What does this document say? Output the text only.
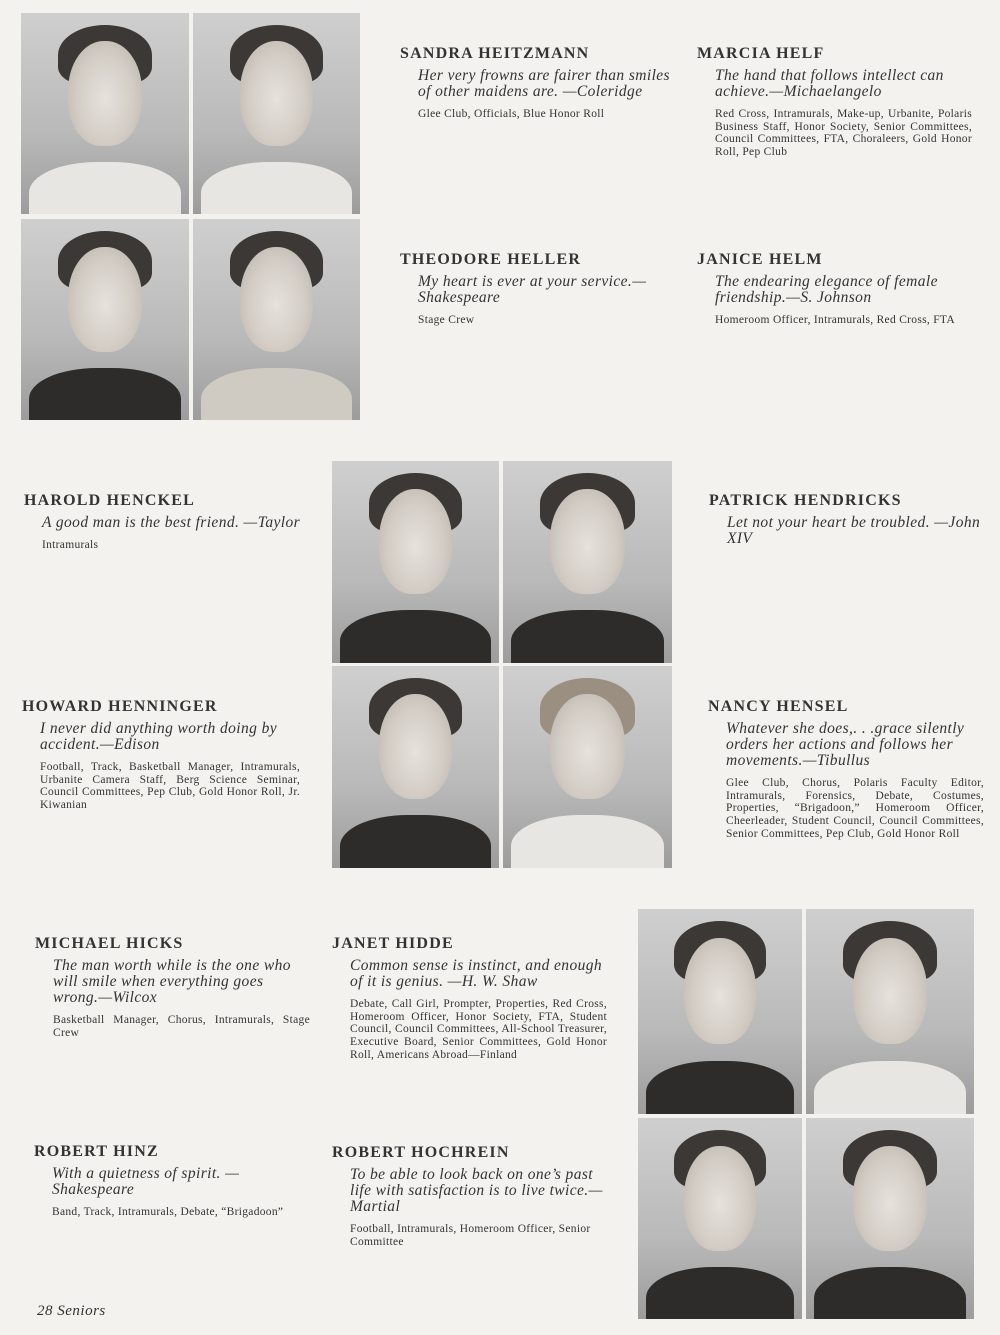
SANDRA HEITZMANN

Her very frowns are fairer than smiles of other maidens are. —Coleridge

Glee Club, Officials, Blue Honor Roll

MARCIA HELF

The hand that follows intellect can achieve.—Michaelangelo

Red Cross, Intramurals, Make-up, Urbanite, Polaris Business Staff, Honor Society, Senior Committees, Council Committees, FTA, Choraleers, Gold Honor Roll, Pep Club

THEODORE HELLER

My heart is ever at your service.—Shakespeare

Stage Crew

JANICE HELM

The endearing elegance of female friendship.—S. Johnson

Homeroom Officer, Intramurals, Red Cross, FTA

HAROLD HENCKEL

A good man is the best friend. —Taylor

Intramurals

PATRICK HENDRICKS

Let not your heart be troubled. —John XIV

HOWARD HENNINGER

I never did anything worth doing by accident.—Edison

Football, Track, Basketball Manager, Intramurals, Urbanite Camera Staff, Berg Science Seminar, Council Committees, Pep Club, Gold Honor Roll, Jr. Kiwanian

NANCY HENSEL

Whatever she does,. . .grace silently orders her actions and follows her movements.—Tibullus

Glee Club, Chorus, Polaris Faculty Editor, Intramurals, Forensics, Debate, Costumes, Properties, “Brigadoon,” Homeroom Officer, Cheerleader, Student Council, Council Committees, Senior Committees, Pep Club, Gold Honor Roll

MICHAEL HICKS

The man worth while is the one who will smile when everything goes wrong.—Wilcox

Basketball Manager, Chorus, Intramurals, Stage Crew

JANET HIDDE

Common sense is instinct, and enough of it is genius. —H. W. Shaw

Debate, Call Girl, Prompter, Properties, Red Cross, Homeroom Officer, Honor Society, FTA, Student Council, Council Committees, All-School Treasurer, Executive Board, Senior Committees, Gold Honor Roll, Americans Abroad—Finland

ROBERT HINZ

With a quietness of spirit. —Shakespeare

Band, Track, Intramurals, Debate, “Brigadoon”

ROBERT HOCHREIN

To be able to look back on one’s past life with satisfaction is to live twice.—Martial

Football, Intramurals, Homeroom Officer, Senior Committee

28 Seniors
